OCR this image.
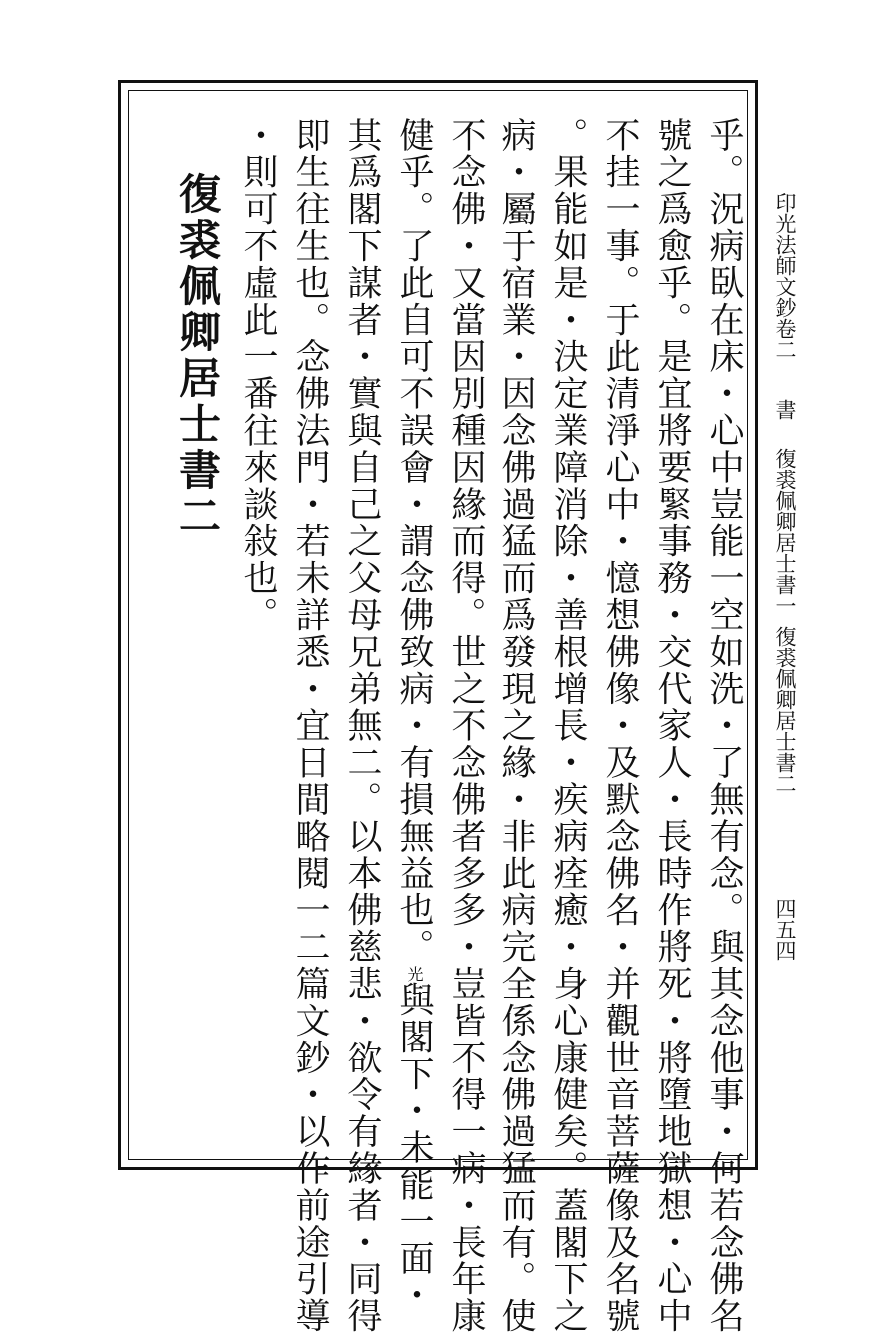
印光法師文鈔卷二
書
復裘佩卿居士書一
復裘佩卿居士書二
四五四
乎。況病臥在床・心中豈能一空如洗・了無有念。與其念他事・何若念佛名
號之爲愈乎。是宜將要緊事務・交代家人・長時作將死・將墮地獄想・心中
不挂一事。于此清淨心中・憶想佛像・及默念佛名・并觀世音菩薩像及名號
。果能如是・決定業障消除・善根增長・疾病痊癒・身心康健矣。蓋閣下之
病・屬于宿業・因念佛過猛而爲發現之緣・非此病完全係念佛過猛而有。使
不念佛・又當因別種因緣而得。世之不念佛者多多・豈皆不得一病・長年康
健乎。了此自可不誤會・謂念佛致病・有損無益也。光與閣下・未能一面・
其爲閣下謀者・實與自己之父母兄弟無二。以本佛慈悲・欲令有緣者・同得
即生往生也。念佛法門・若未詳悉・宜日間略閱一二篇文鈔・以作前途引導
・則可不虛此一番往來談敍也。
復裘佩卿居士書二
